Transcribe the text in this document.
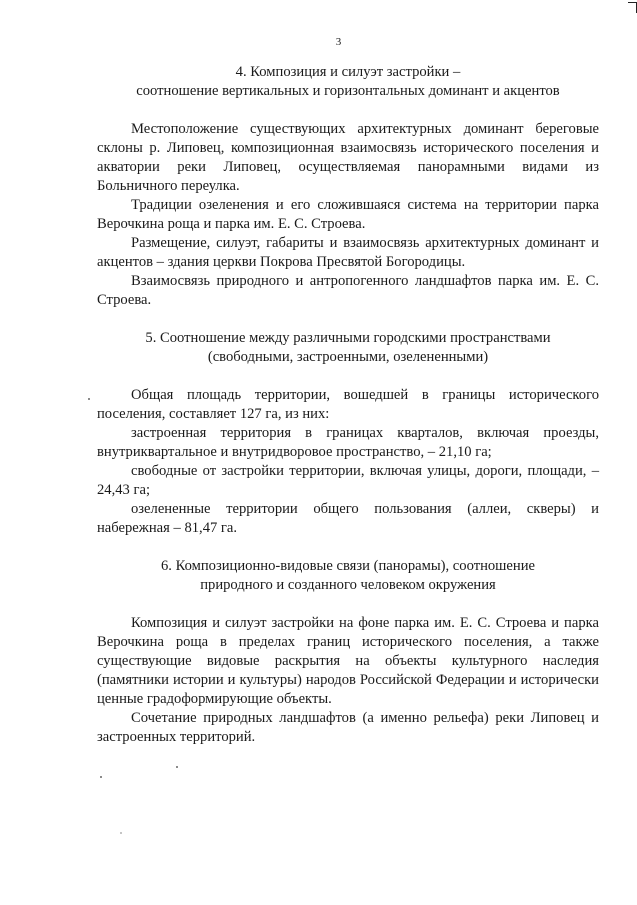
3
4. Композиция и силуэт застройки –
соотношение вертикальных и горизонтальных доминант и акцентов

Местоположение существующих архитектурных доминант береговые склоны р. Липовец, композиционная взаимосвязь исторического поселения и акватории реки Липовец, осуществляемая панорамными видами из Больничного переулка.

Традиции озеленения и его сложившаяся система на территории парка Верочкина роща и парка им. Е. С. Строева.

Размещение, силуэт, габариты и взаимосвязь архитектурных доминант и акцентов – здания церкви Покрова Пресвятой Богородицы.

Взаимосвязь природного и антропогенного ландшафтов парка им. Е. С. Строева.

5. Соотношение между различными городскими пространствами
(свободными, застроенными, озелененными)

Общая площадь территории, вошедшей в границы исторического поселения, составляет 127 га, из них:

застроенная территория в границах кварталов, включая проезды, внутриквартальное и внутридворовое пространство, – 21,10 га;

свободные от застройки территории, включая улицы, дороги, площади, – 24,43 га;

озелененные территории общего пользования (аллеи, скверы) и набережная – 81,47 га.

6. Композиционно-видовые связи (панорамы), соотношение
природного и созданного человеком окружения

Композиция и силуэт застройки на фоне парка им. Е. С. Строева и парка Верочкина роща в пределах границ исторического поселения, а также существующие видовые раскрытия на объекты культурного наследия (памятники истории и культуры) народов Российской Федерации и исторически ценные градоформирующие объекты.

Сочетание природных ландшафтов (а именно рельефа) реки Липовец и застроенных территорий.
